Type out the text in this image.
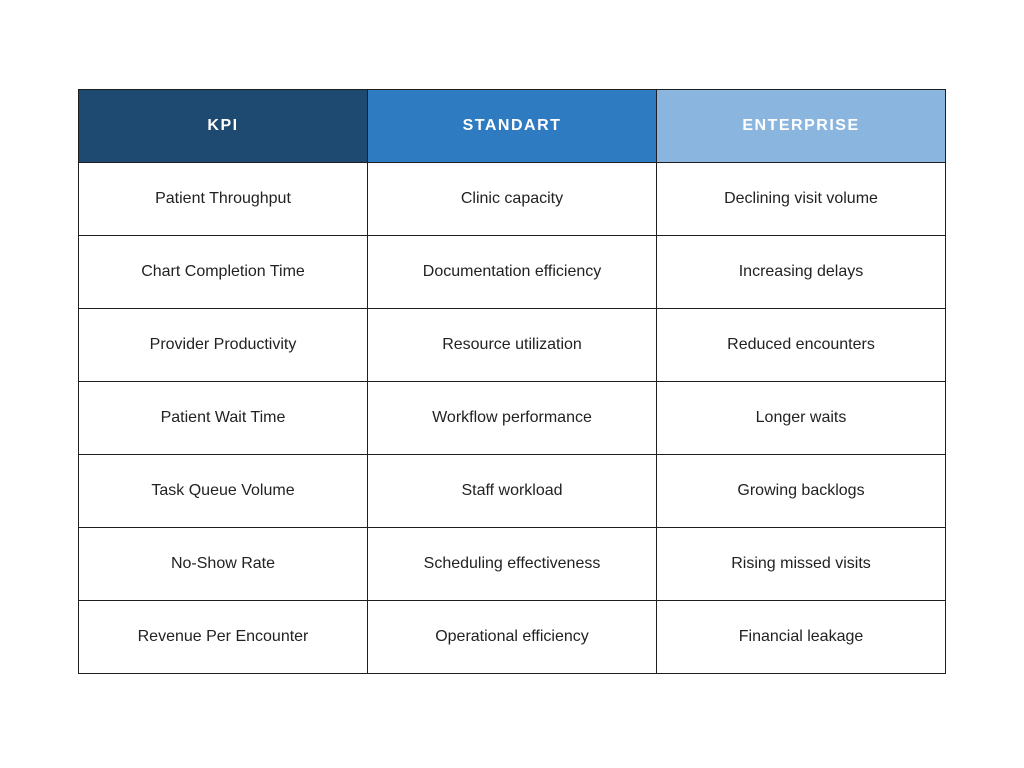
KPI	STANDART	ENTERPRISE
Patient Throughput	Clinic capacity	Declining visit volume
Chart Completion Time	Documentation efficiency	Increasing delays
Provider Productivity	Resource utilization	Reduced encounters
Patient Wait Time	Workflow performance	Longer waits
Task Queue Volume	Staff workload	Growing backlogs
No-Show Rate	Scheduling effectiveness	Rising missed visits
Revenue Per Encounter	Operational efficiency	Financial leakage
